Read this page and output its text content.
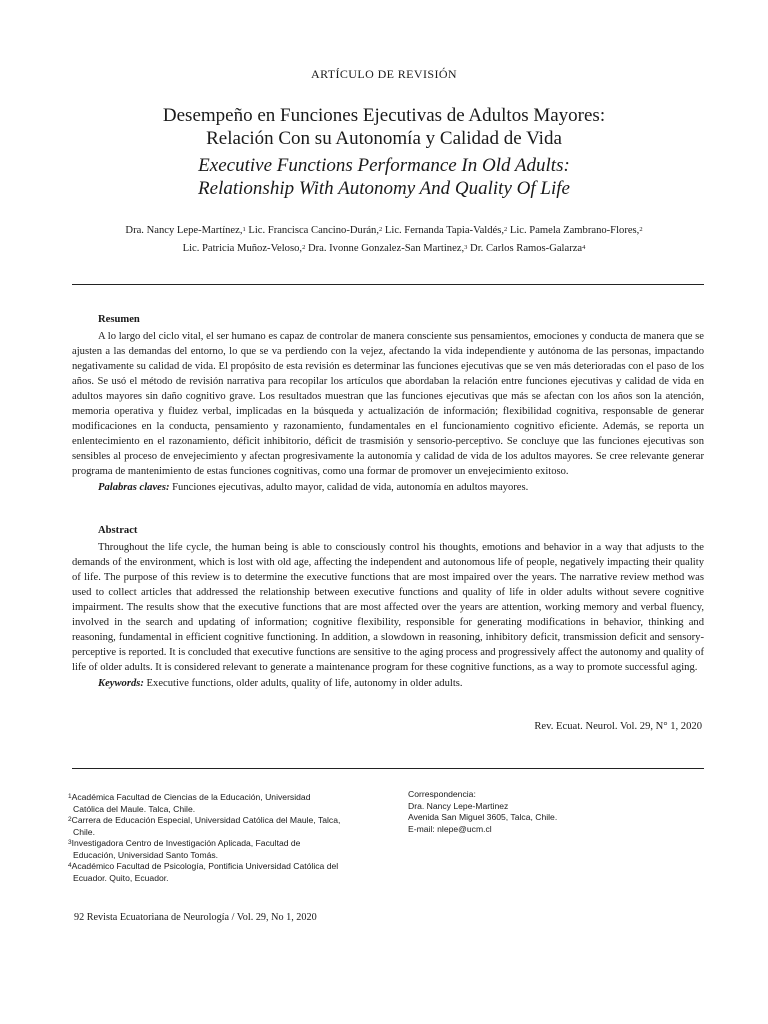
ARTÍCULO DE REVISIÓN
Desempeño en Funciones Ejecutivas de Adultos Mayores:
Relación Con su Autonomía y Calidad de Vida
Executive Functions Performance In Old Adults:
Relationship With Autonomy And Quality Of Life
Dra. Nancy Lepe-Martínez,$^1$ Lic. Francisca Cancino-Durán,$^2$ Lic. Fernanda Tapia-Valdés,$^2$ Lic. Pamela Zambrano-Flores,$^2$
Lic. Patricia Muñoz-Veloso,$^2$ Dra. Ivonne Gonzalez-San Martinez,$^3$ Dr. Carlos Ramos-Galarza$^4$
Resumen

A lo largo del ciclo vital, el ser humano es capaz de controlar de manera consciente sus pensamientos, emociones y conducta de manera que se ajusten a las demandas del entorno, lo que se va perdiendo con la vejez, afectando la vida independiente y autónoma de las personas, impactando negativamente su calidad de vida. El propósito de esta revisión es determinar las funciones ejecutivas que se ven más deterioradas con el paso de los años. Se usó el método de revisión narrativa para recopilar los artículos que abordaban la relación entre funciones ejecutivas y calidad de vida en adultos mayores sin daño cognitivo grave. Los resultados muestran que las funciones ejecutivas que más se afectan con los años son la atención, memoria operativa y fluidez verbal, implicadas en la búsqueda y actualización de información; flexibilidad cognitiva, responsable de generar modificaciones en la conducta, pensamiento y razonamiento, fundamentales en el funcionamiento cognitivo eficiente. Además, se reporta un enlentecimiento en el razonamiento, déficit inhibitorio, déficit de trasmisión y sensorio-perceptivo. Se concluye que las funciones ejecutivas son sensibles al proceso de envejecimiento y afectan progresivamente la autonomía y calidad de vida de los adultos mayores. Se cree relevante generar programa de mantenimiento de estas funciones cognitivas, como una formar de promover un envejecimiento exitoso.

Palabras claves: Funciones ejecutivas, adulto mayor, calidad de vida, autonomía en adultos mayores.

Abstract

Throughout the life cycle, the human being is able to consciously control his thoughts, emotions and behavior in a way that adjusts to the demands of the environment, which is lost with old age, affecting the independent and autonomous life of people, negatively impacting their quality of life. The purpose of this review is to determine the executive functions that are most impaired over the years. The narrative review method was used to collect articles that addressed the relationship between executive functions and quality of life in older adults without severe cognitive impairment. The results show that the executive functions that are most affected over the years are attention, working memory and verbal fluency, involved in the search and updating of information; cognitive flexibility, responsible for generating modifications in behavior, thinking and reasoning, fundamental in efficient cognitive functioning. In addition, a slowdown in reasoning, inhibitory deficit, transmission deficit and sensory-perceptive is reported. It is concluded that executive functions are sensitive to the aging process and progressively affect the autonomy and quality of life of older adults. It is considered relevant to generate a maintenance program for these cognitive functions, as a way to promote successful aging.

Keywords: Executive functions, older adults, quality of life, autonomy in older adults.

Rev. Ecuat. Neurol. Vol. 29, N° 1, 2020

$^1$Académica Facultad de Ciencias de la Educación, Universidad
Católica del Maule. Talca, Chile.

$^2$Carrera de Educación Especial, Universidad Católica del Maule, Talca,
Chile.

$^3$Investigadora Centro de Investigación Aplicada, Facultad de
Educación, Universidad Santo Tomás.

$^4$Académico Facultad de Psicología, Pontificia Universidad Católica del
Ecuador. Quito, Ecuador.

Correspondencia:
Dra. Nancy Lepe-Martinez
Avenida San Miguel 3605, Talca, Chile.
E-mail: nlepe@ucm.cl
92 Revista Ecuatoriana de Neurología / Vol. 29, No 1, 2020
